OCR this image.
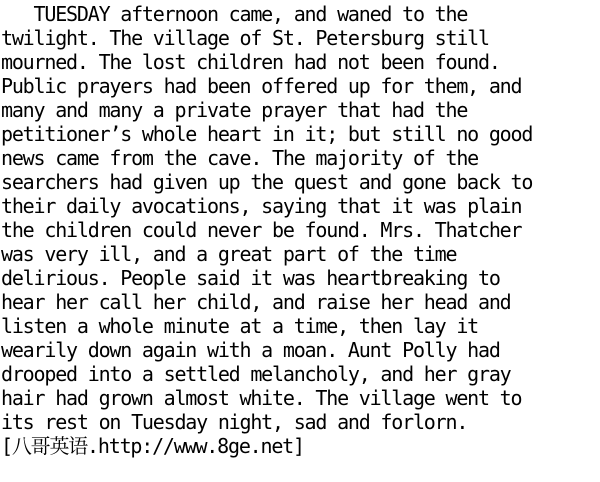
TUESDAY afternoon came, and waned to the
twilight. The village of St. Petersburg still
mourned. The lost children had not been found.
Public prayers had been offered up for them, and
many and many a private prayer that had the
petitioner’s whole heart in it; but still no good
news came from the cave. The majority of the
searchers had given up the quest and gone back to
their daily avocations, saying that it was plain
the children could never be found. Mrs. Thatcher
was very ill, and a great part of the time
delirious. People said it was heartbreaking to
hear her call her child, and raise her head and
listen a whole minute at a time, then lay it
wearily down again with a moan. Aunt Polly had
drooped into a settled melancholy, and her gray
hair had grown almost white. The village went to
its rest on Tuesday night, sad and forlorn.
[八哥英语.http://www.8ge.net]
